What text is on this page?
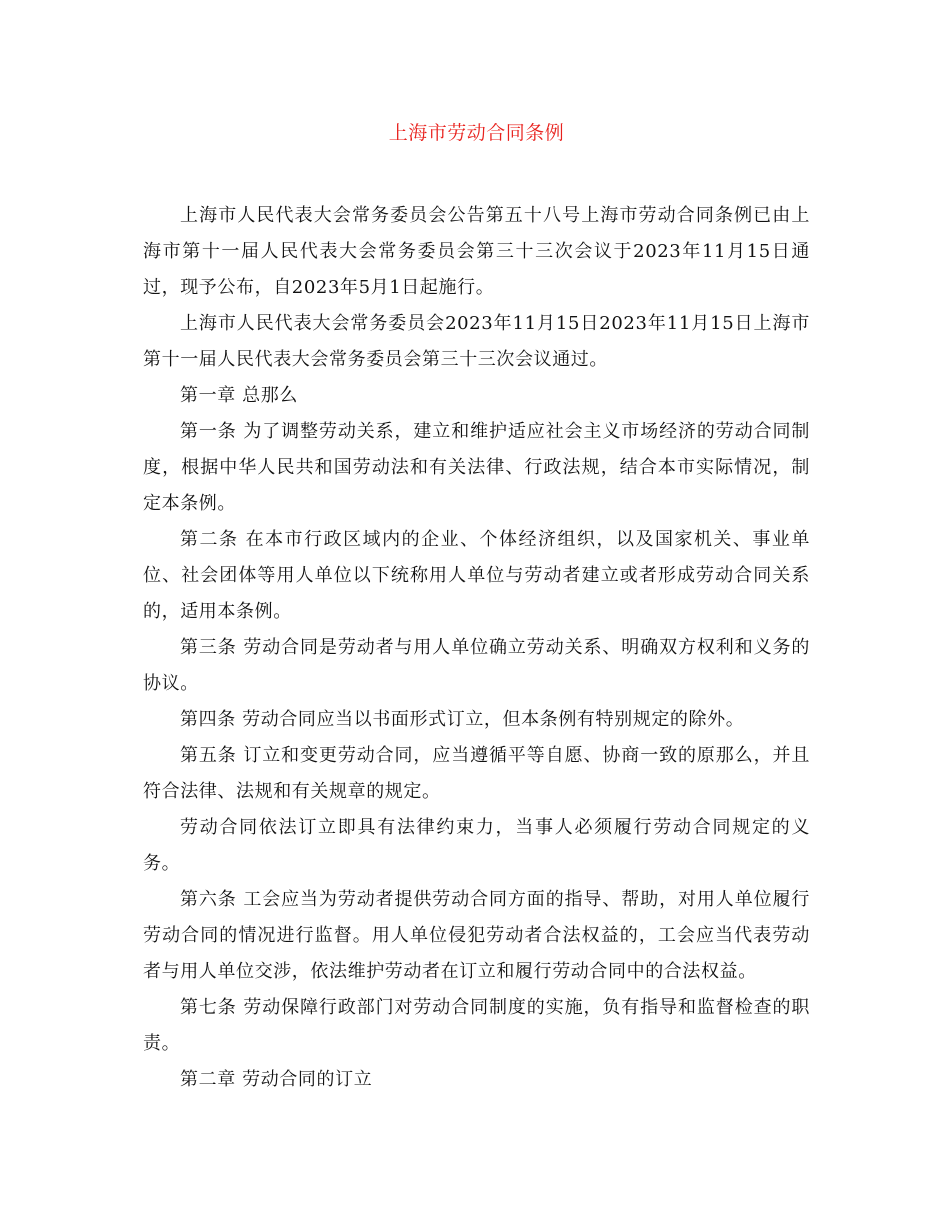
上海市劳动合同条例

上海市人民代表大会常务委员会公告第五十八号上海市劳动合同条例已由上海市第十一届人民代表大会常务委员会第三十三次会议于2023年11月15日通过，现予公布，自2023年5月1日起施行。

上海市人民代表大会常务委员会2023年11月15日2023年11月15日上海市第十一届人民代表大会常务委员会第三十三次会议通过。

第一章 总那么

第一条 为了调整劳动关系，建立和维护适应社会主义市场经济的劳动合同制度，根据中华人民共和国劳动法和有关法律、行政法规，结合本市实际情况，制定本条例。

第二条 在本市行政区域内的企业、个体经济组织，以及国家机关、事业单位、社会团体等用人单位以下统称用人单位与劳动者建立或者形成劳动合同关系的，适用本条例。

第三条 劳动合同是劳动者与用人单位确立劳动关系、明确双方权利和义务的协议。

第四条 劳动合同应当以书面形式订立，但本条例有特别规定的除外。

第五条 订立和变更劳动合同，应当遵循平等自愿、协商一致的原那么，并且符合法律、法规和有关规章的规定。

劳动合同依法订立即具有法律约束力，当事人必须履行劳动合同规定的义务。

第六条 工会应当为劳动者提供劳动合同方面的指导、帮助，对用人单位履行劳动合同的情况进行监督。用人单位侵犯劳动者合法权益的，工会应当代表劳动者与用人单位交涉，依法维护劳动者在订立和履行劳动合同中的合法权益。

第七条 劳动保障行政部门对劳动合同制度的实施，负有指导和监督检查的职责。

第二章 劳动合同的订立
